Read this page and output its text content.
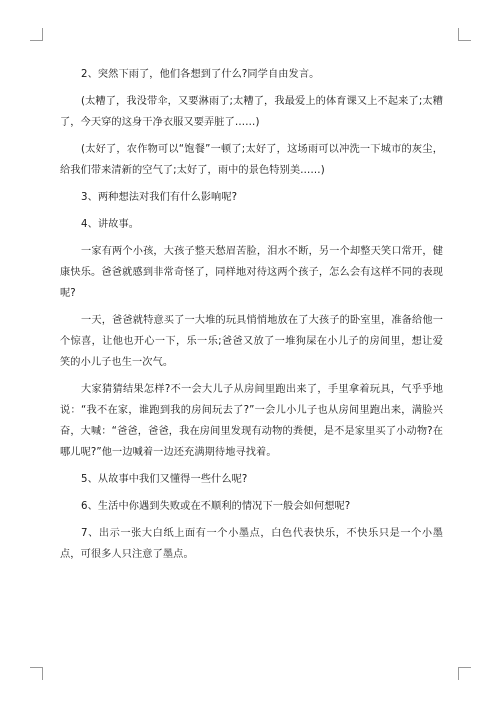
2、突然下雨了，他们各想到了什么?同学自由发言。

(太糟了，我没带伞，又要淋雨了;太糟了，我最爱上的体育课又上不起来了;太糟了，今天穿的这身干净衣服又要弄脏了……)

(太好了，农作物可以“饱餐”一顿了;太好了，这场雨可以冲洗一下城市的灰尘，给我们带来清新的空气了;太好了，雨中的景色特别美……)

3、两种想法对我们有什么影响呢?

4、讲故事。

一家有两个小孩，大孩子整天愁眉苦脸，泪水不断，另一个却整天笑口常开，健康快乐。爸爸就感到非常奇怪了，同样地对待这两个孩子，怎么会有这样不同的表现呢?

一天，爸爸就特意买了一大堆的玩具悄悄地放在了大孩子的卧室里，准备给他一个惊喜，让他也开心一下，乐一乐;爸爸又放了一堆狗屎在小儿子的房间里，想让爱笑的小儿子也生一次气。

大家猜猜结果怎样?不一会大儿子从房间里跑出来了，手里拿着玩具，气乎乎地说：“我不在家，谁跑到我的房间玩去了?”一会儿小儿子也从房间里跑出来，满脸兴奋，大喊：“爸爸，爸爸，我在房间里发现有动物的粪便，是不是家里买了小动物?在哪儿呢?”他一边喊着一边还充满期待地寻找着。

5、从故事中我们又懂得一些什么呢?

6、生活中你遇到失败或在不顺利的情况下一般会如何想呢?

7、出示一张大白纸上面有一个小墨点，白色代表快乐，不快乐只是一个小墨点，可很多人只注意了墨点。
